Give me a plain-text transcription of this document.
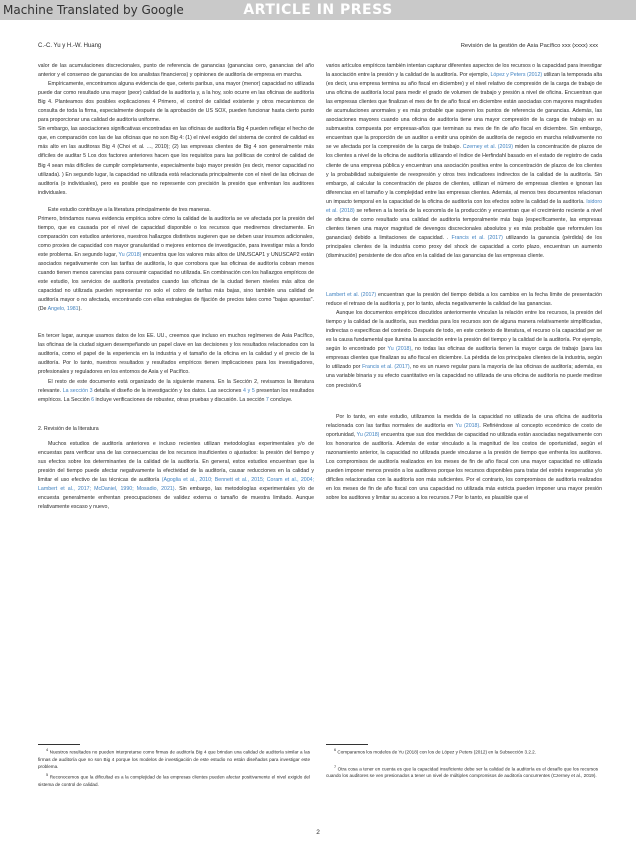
Machine Translated by Google	ARTICLE IN PRESS
C.-C. Yu y H.-W. Huang	Revisión de la gestión de Asia Pacífico xxx (xxxx) xxx

valor de las acumulaciones discrecionales, punto de referencia de ganancias (ganancias cero, ganancias del año anterior y el consenso de ganancias de los analistas financieros) y opiniones de auditoría de empresa en marcha.

Empíricamente, encontramos alguna evidencia de que, ceteris paribus, una mayor (menor) capacidad no utilizada puede dar como resultado una mayor (peor) calidad de la auditoría y, a la hoy, solo ocurre en las oficinas de auditoría Big 4. Planteamos dos posibles explicaciones 4 Primero, el control de calidad existente y otros mecanismos de consulta de toda la firma, especialmente después de la aprobación de US SOX, pueden funcionar hasta cierto punto para proporcionar una calidad de auditoría uniforme.

Sin embargo, las asociaciones significativas encontradas en las oficinas de auditoría Big 4 pueden reflejar el hecho de que, en comparación con las de las oficinas que no son Big 4: (1) el nivel exigido del sistema de control de calidad es más alto en las auditoras Big 4 (Choi et al. ..., 2010); (2) las empresas clientes de Big 4 son generalmente más difíciles de auditar 5 Los dos factores anteriores hacen que los requisitos para las políticas de control de calidad de Big 4 sean más difíciles de cumplir completamente, especialmente bajo mayor presión (es decir, menor capacidad no utilizada). ) En segundo lugar, la capacidad no utilizada está relacionada principalmente con el nivel de las oficinas de auditoría (o individuales), pero es posible que no represente con precisión la presión que enfrentan los auditores individuales.

Este estudio contribuye a la literatura principalmente de tres maneras.

Primero, brindamos nueva evidencia empírica sobre cómo la calidad de la auditoría se ve afectada por la presión del tiempo, que es causada por el nivel de capacidad disponible o los recursos que mediremos directamente. En comparación con estudios anteriores, nuestros hallazgos distintivos sugieren que se deben usar insumos adicionales, como proxies de capacidad con mayor granularidad o mejores entornos de investigación, para investigar más a fondo este problema. En segundo lugar, Yu (2018) encuentra que los valores más altos de UNUSCAP1 y UNUSCAP2 están asociados negativamente con las tarifas de auditoría, lo que corrobora que las oficinas de auditoría cobran menos cuando tienen menos carencias para consumir capacidad no utilizada. En combinación con los hallazgos empíricos de este estudio, los servicios de auditoría prestados cuando las oficinas de la ciudad tienen niveles más altos de capacidad no utilizada pueden representar no solo el cobro de tarifas más bajas, sino también una calidad de auditoría mayor o no afectada, encontrando con ellas estrategias de fijación de precios tales como "bajas apuestas". (De Angelo, 1981).

En tercer lugar, aunque usamos datos de los EE. UU., creemos que incluso en muchos regímenes de Asia Pacífico, las oficinas de la ciudad siguen desempeñando un papel clave en las decisiones y los resultados relacionados con la auditoría, como el papel de la experiencia en la industria y el tamaño de la oficina en la calidad y el precio de la auditoría. Por lo tanto, nuestros resultados y resultados empíricos tienen implicaciones para los investigadores, profesionales y reguladores en los entornos de Asia y el Pacífico.

El resto de este documento está organizado de la siguiente manera. En la Sección 2, revisamos la literatura relevante. La sección 3 detalla el diseño de la investigación y los datos. Las secciones 4 y 5 presentan los resultados empíricos. La Sección 6 incluye verificaciones de robustez, otras pruebas y discusión. La sección 7 concluye.

2. Revisión de la literatura

Muchos estudios de auditoría anteriores e incluso recientes utilizan metodologías experimentales y/o de encuestas para verificar una de las consecuencias de los recursos insuficientes o ajustados: la presión del tiempo y sus efectos sobre los determinantes de la calidad de la auditoría. En general, estos estudios encuentran que la presión del tiempo puede afectar negativamente la efectividad de la auditoría, causar reducciones en la calidad y limitar el uso efectivo de las técnicas de auditoría (Agoglia et al., 2010; Bennett et al., 2015; Coram et al., 2004; Lambert et al., 2017; McDaniel, 1990; Mosadio, 2021). Sin embargo, las metodologías experimentales y/o de encuesta generalmente enfrentan preocupaciones de validez externa o tamaño de muestra limitado. Aunque relativamente escaso y nuevo,

varios artículos empíricos también intentan capturar diferentes aspectos de los recursos o la capacidad para investigar la asociación entre la presión y la calidad de la auditoría. Por ejemplo, López y Peters (2012) utilizan la temporada alta (es decir, una empresa termina su año fiscal en diciembre) y el nivel relativo de compresión de la carga de trabajo de una oficina de auditoría local para medir el grado de volumen de trabajo y presión a nivel de oficina. Encuentran que las empresas clientes que finalizan el mes de fin de año fiscal en diciembre están asociadas con mayores magnitudes de acumulaciones anormales y es más probable que superen los puntos de referencia de ganancias. Además, las asociaciones mayores cuando una oficina de auditoría tiene una mayor compresión de la carga de trabajo en su submuestra compuesta por empresas-años que terminan su mes de fin de año fiscal en diciembre. Sin embargo, encuentran que la proporción de un auditor a emitir una opinión de auditoría de negocio en marcha relativamente no se ve afectada por la compresión de la carga de trabajo. Czerney et al. (2019) miden la concentración de plazos de los clientes a nivel de la oficina de auditoría utilizando el índice de Herfindahl basado en el estado de registro de cada cliente de una empresa pública y encuentran una asociación positiva entre la concentración de plazos de los clientes y la probabilidad subsiguiente de reexpresión y otros tres indicadores indirectos de la calidad de la auditoría. Sin embargo, al calcular la concentración de plazos de clientes, utilizan el número de empresas clientes e ignoran las diferencias en el tamaño y la complejidad entre las empresas clientes. Además, al menos tres documentos relacionan un impacto temporal en la capacidad de la oficina de auditoría con los efectos sobre la calidad de la auditoría. Isidoro et al. (2018) se refieren a la teoría de la economía de la producción y encuentran que el crecimiento reciente a nivel de oficina de como resultado una calidad de auditoría temporalmente más baja (específicamente, las empresas clientes tienen una mayor magnitud de devengos discrecionales absolutos y es más probable que reformulen los ganancias) debido a limitaciones de capacidad. . Francis et al. (2017) utilizando la ganancia (pérdida) de los principales clientes de la industria como proxy del shock de capacidad a corto plazo, encuentran un aumento (disminución) persistente de dos años en la calidad de las ganancias de las empresas cliente.

Lambert et al. (2017) encuentran que la presión del tiempo debida a los cambios en la fecha límite de presentación reduce el retraso de la auditoría y, por lo tanto, afecta negativamente la calidad de las ganancias.

Aunque los documentos empíricos discutidos anteriormente vinculan la relación entre los recursos, la presión del tiempo y la calidad de la auditoría, sus medidas para los recursos son de alguna manera relativamente simplificadas, indirectas o específicas del contexto. Después de todo, en este contexto de literatura, el recurso o la capacidad per se es la causa fundamental que ilumina la asociación entre la presión del tiempo y la calidad de la auditoría. Por ejemplo, según lo encontrado por Yu (2018), no todas las oficinas de auditoría tienen la mayor carga de trabajo (para las empresas clientes que finalizan su año fiscal en diciembre. La pérdida de los principales clientes de la industria, según lo utilizado por Francis et al. (2017), no es un nuevo regular para la mayoría de las oficinas de auditoría; además, es una variable binaria y su efecto cuantitativo en la capacidad no utilizada de una oficina de auditoría no puede medirse con precisión.6

Por lo tanto, en este estudio, utilizamos la medida de la capacidad no utilizada de una oficina de auditoría relacionada con las tarifas normales de auditoría en Yu (2018). Refiriéndose al concepto económico de costo de oportunidad, Yu (2018) encuentra que sus dos medidas de capacidad no utilizada están asociadas negativamente con los honorarios de auditoría. Además de estar vinculado a la magnitud de los costos de oportunidad, según el razonamiento anterior, la capacidad no utilizada puede vincularse a la presión de tiempo que enfrenta los auditores. Los compromisos de auditoría realizados en los meses de fin de año fiscal con una mayor capacidad no utilizada pueden imponer menos presión a los auditores porque los recursos disponibles para tratar del estrés inesperadas y/o difíciles relacionadas con la auditoría son más suficientes. Por el contrario, los compromisos de auditoría realizados en los meses de fin de año fiscal con una capacidad no utilizada más estricta pueden imponer una mayor presión sobre los auditores y limitar su acceso a los recursos.7 Por lo tanto, es plausible que el

$^4$ Nuestros resultados no pueden interpretarse como firmas de auditoría Big 4 que brindan una calidad de auditoría similar a las firmas de auditoría que no son Big 4 porque los modelos de investigación de este estudio no están diseñados para investigar este problema.

$^5$ Reconocemos que la dificultad es a la complejidad de las empresas clientes pueden afectar positivamente el nivel exigido del sistema de control de calidad.

$^6$ Comparamos los modelos de Yu (2018) con los de López y Peters (2012) en la Subsección 3.2.2.

$^7$ Otra cosa a tener en cuenta es que la capacidad insuficiente debe ser la calidad de la auditoría es el desafío que los recursos cuando los auditores se ven presionados a tener un nivel de múltiples compromisos de auditoría concurrentes (Czerney et al., 2019).

2
